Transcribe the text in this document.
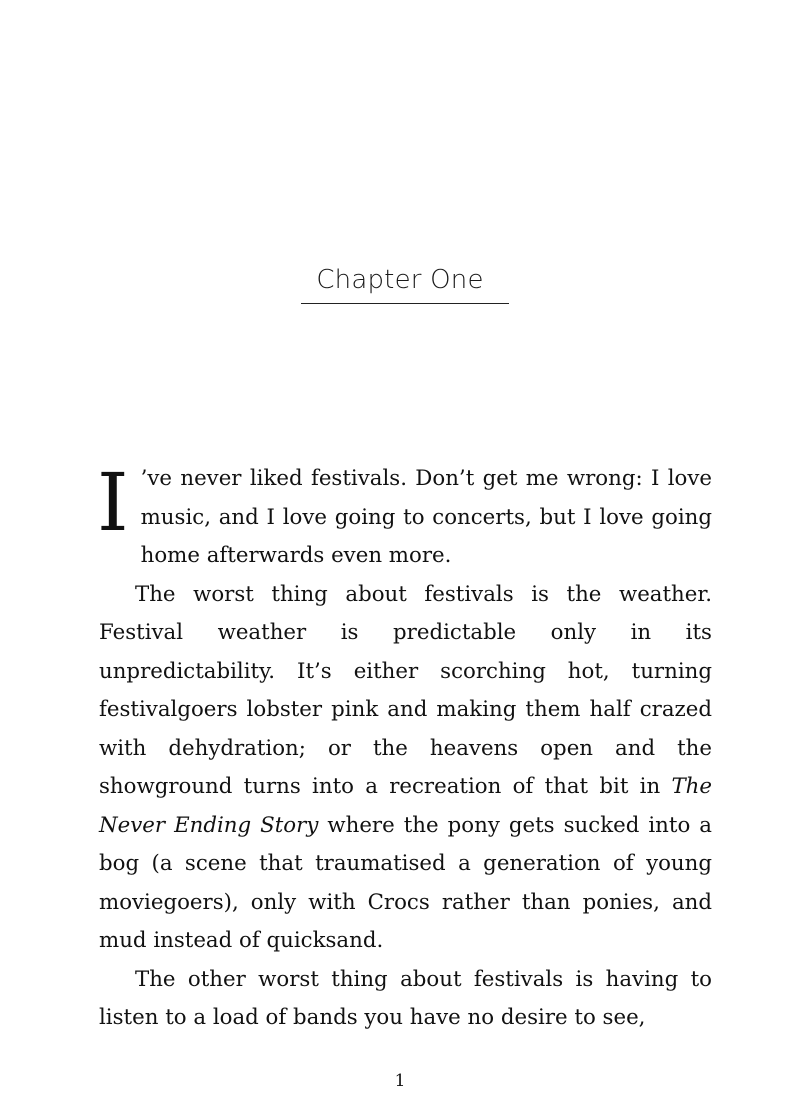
Chapter One

I ’ve never liked festivals. Don’t get me wrong: I love music, and I love going to concerts, but I love going home afterwards even more.

The worst thing about festivals is the weather. Festival weather is predictable only in its unpredictability. It’s either scorching hot, turning festivalgoers lobster pink and making them half crazed with dehydration; or the heavens open and the showground turns into a recreation of that bit in The Never Ending Story where the pony gets sucked into a bog (a scene that traumatised a generation of young moviegoers), only with Crocs rather than ponies, and mud instead of quicksand.

The other worst thing about festivals is having to listen to a load of bands you have no desire to see,

1
